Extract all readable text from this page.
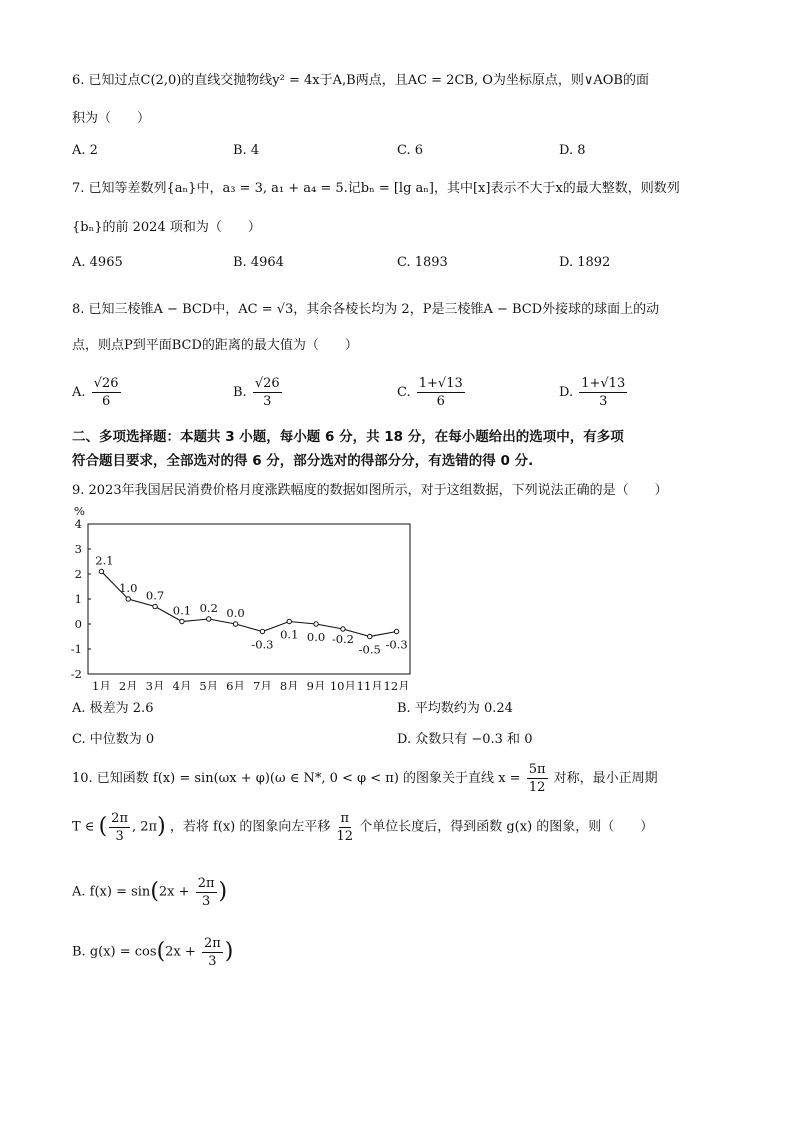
6. 已知过点C(2,0)的直线交抛物线y² = 4x于A,B两点，且AC = 2CB, O为坐标原点，则∨AOB的面
积为（　　）
A. 2	B. 4	C. 6	D. 8
7. 已知等差数列{aₙ}中，a₃ = 3, a₁ + a₄ = 5.记bₙ = [lg aₙ]，其中[x]表示不大于x的最大整数，则数列
{bₙ}的前 2024 项和为（　　）
A. 4965	B. 4964	C. 1893	D. 1892
8. 已知三棱锥A − BCD中，AC = √3，其余各棱长均为 2，P是三棱锥A − BCD外接球的球面上的动
点，则点P到平面BCD的距离的最大值为（　　）
A. $\frac{√26}{6}$	B. $\frac{√26}{3}$	C. $\frac{1+√13}{6}$	D. $\frac{1+√13}{3}$
二、多项选择题：本题共 3 小题，每小题 6 分，共 18 分，在每小题给出的选项中，有多项
符合题目要求，全部选对的得 6 分，部分选对的得部分分，有选错的得 0 分.
9. 2023年我国居民消费价格月度涨跌幅度的数据如图所示，对于这组数据，下列说法正确的是（　　）
%
4
3
2
1
0
-1
-2
1月 2月 3月 4月 5月 6月 7月 8月 9月 10月 11月 12月
2.1
1.0
0.7
0.1 0.2 0.0
-0.3
0.1 0.0 -0.2
-0.5 -0.3
A. 极差为 2.6	B. 平均数约为 0.24
C. 中位数为 0	D. 众数只有 −0.3 和 0
10. 已知函数 f(x) = sin(ωx + φ)(ω ∈ N*, 0 < φ < π) 的图象关于直线 $x = \frac{5\pi}{12}$ 对称，最小正周期
T ∈ ( $\frac{2\pi}{3}$ , 2π) ，若将 f(x) 的图象向左平移 $\frac{\pi}{12}$ 个单位长度后，得到函数 g(x) 的图象，则（　　）
A. $f(x) = \sin(2x + \frac{2\pi}{3}$ )
B. $g(x) = \cos(2x + \frac{2\pi}{3}$ )
